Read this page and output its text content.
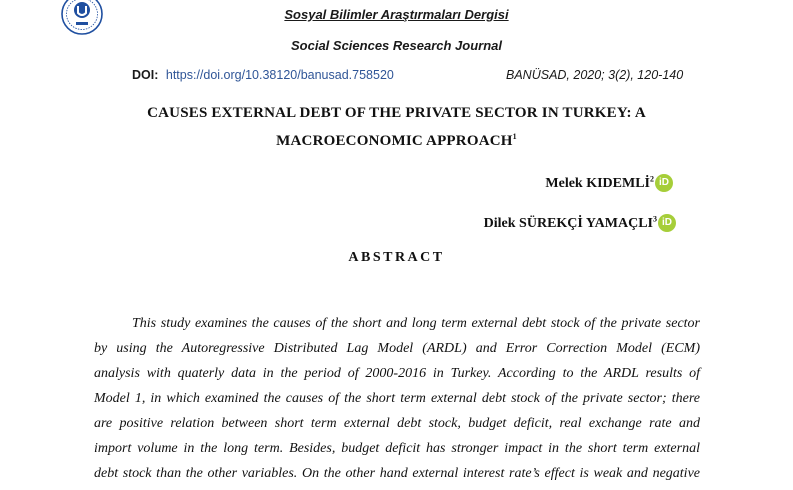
Sosyal Bilimler Araştırmaları Dergisi
Social Sciences Research Journal
DOI: https://doi.org/10.38120/banusad.758520	BANÜSAD, 2020; 3(2), 120-140
CAUSES EXTERNAL DEBT OF THE PRIVATE SECTOR IN TURKEY: A
MACROECONOMIC APPROACH$^1$
Melek KIDEMLİ$^2$ iD
Dilek SÜREKÇİ YAMAÇLI$^3$ iD
ABSTRACT
This study examines the causes of the short and long term external debt stock of the private sector
by using the Autoregressive Distributed Lag Model (ARDL) and Error Correction Model (ECM)
analysis with quaterly data in the period of 2000-2016 in Turkey. According to the ARDL results of
Model 1, in which examined the causes of the short term external debt stock of the private sector; there
are positive relation between short term external debt stock, budget deficit, real exchange rate and
import volume in the long term. Besides, budget deficit has stronger impact in the short term external
debt stock than the other variables. On the other hand external interest rate’s effect is weak and negative
